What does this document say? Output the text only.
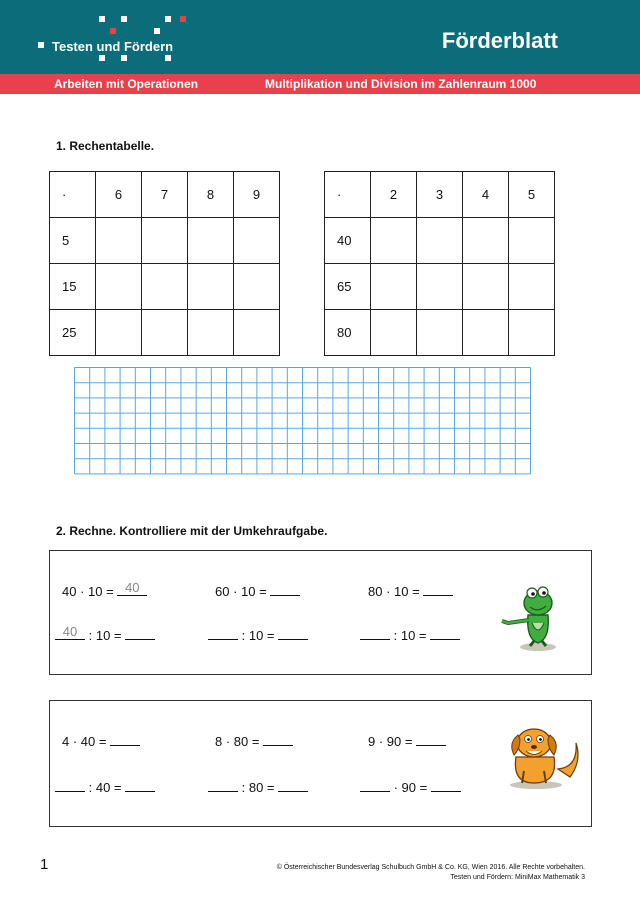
Testen und Fördern	Förderblatt
Arbeiten mit Operationen	Multiplikation und Division im Zahlenraum 1000
1. Rechentabelle.
·	6	7	8	9
5				
15				
25				
·	2	3	4	5
40				
65				
80				
2. Rechne. Kontrolliere mit der Umkehraufgabe.
40 · 10 = 40	60 · 10 =	80 · 10 =
40 : 10 =	: 10 =	: 10 =
4 · 40 =	8 · 80 =	9 · 90 =
: 40 =	: 80 =	· 90 =
1	© Österreichischer Bundesverlag Schulbuch GmbH & Co. KG, Wien 2016. Alle Rechte vorbehalten.
Testen und Fördern: MiniMax Mathematik 3
